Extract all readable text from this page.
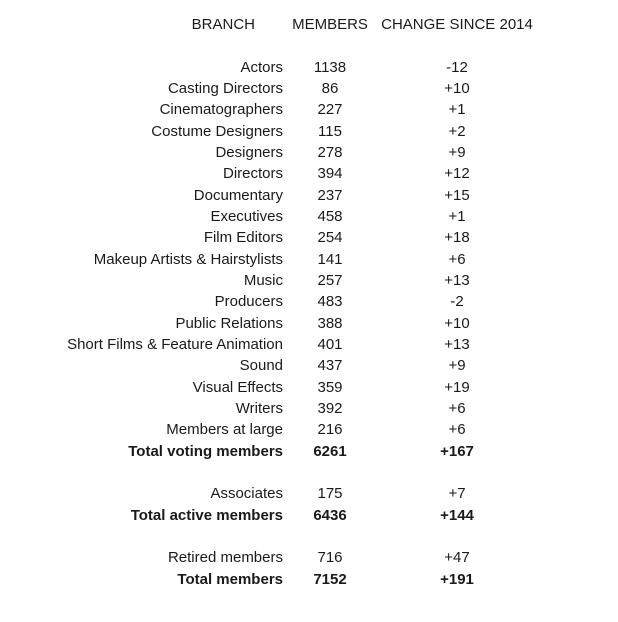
BRANCH	MEMBERS	CHANGE SINCE 2014

Actors	1138	-12
Casting Directors	86	+10
Cinematographers	227	+1
Costume Designers	115	+2
Designers	278	+9
Directors	394	+12
Documentary	237	+15
Executives	458	+1
Film Editors	254	+18
Makeup Artists & Hairstylists	141	+6
Music	257	+13
Producers	483	-2
Public Relations	388	+10
Short Films & Feature Animation	401	+13
Sound	437	+9
Visual Effects	359	+19
Writers	392	+6
Members at large	216	+6
Total voting members	6261	+167

Associates	175	+7
Total active members	6436	+144

Retired members	716	+47
Total members	7152	+191
